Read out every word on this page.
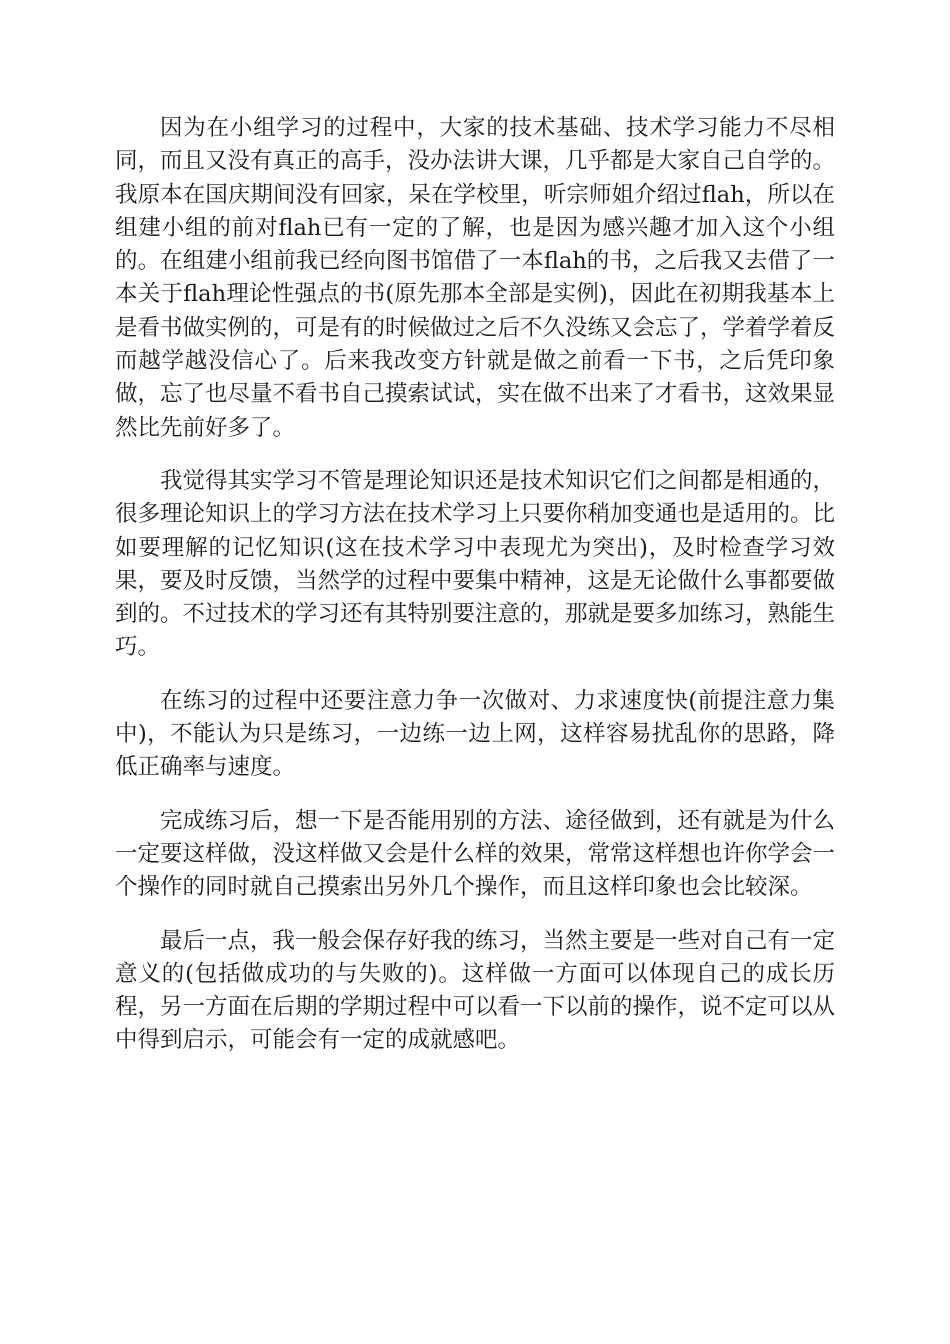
因为在小组学习的过程中，大家的技术基础、技术学习能力不尽相同，而且又没有真正的高手，没办法讲大课，几乎都是大家自己自学的。我原本在国庆期间没有回家，呆在学校里，听宗师姐介绍过flah，所以在组建小组的前对flah已有一定的了解，也是因为感兴趣才加入这个小组的。在组建小组前我已经向图书馆借了一本flah的书，之后我又去借了一本关于flah理论性强点的书(原先那本全部是实例)，因此在初期我基本上是看书做实例的，可是有的时候做过之后不久没练又会忘了，学着学着反而越学越没信心了。后来我改变方针就是做之前看一下书，之后凭印象做，忘了也尽量不看书自己摸索试试，实在做不出来了才看书，这效果显然比先前好多了。

我觉得其实学习不管是理论知识还是技术知识它们之间都是相通的，很多理论知识上的学习方法在技术学习上只要你稍加变通也是适用的。比如要理解的记忆知识(这在技术学习中表现尤为突出)，及时检查学习效果，要及时反馈，当然学的过程中要集中精神，这是无论做什么事都要做到的。不过技术的学习还有其特别要注意的，那就是要多加练习，熟能生巧。

在练习的过程中还要注意力争一次做对、力求速度快(前提注意力集中)，不能认为只是练习，一边练一边上网，这样容易扰乱你的思路，降低正确率与速度。

完成练习后，想一下是否能用别的方法、途径做到，还有就是为什么一定要这样做，没这样做又会是什么样的效果，常常这样想也许你学会一个操作的同时就自己摸索出另外几个操作，而且这样印象也会比较深。

最后一点，我一般会保存好我的练习，当然主要是一些对自己有一定意义的(包括做成功的与失败的)。这样做一方面可以体现自己的成长历程，另一方面在后期的学期过程中可以看一下以前的操作，说不定可以从中得到启示，可能会有一定的成就感吧。
